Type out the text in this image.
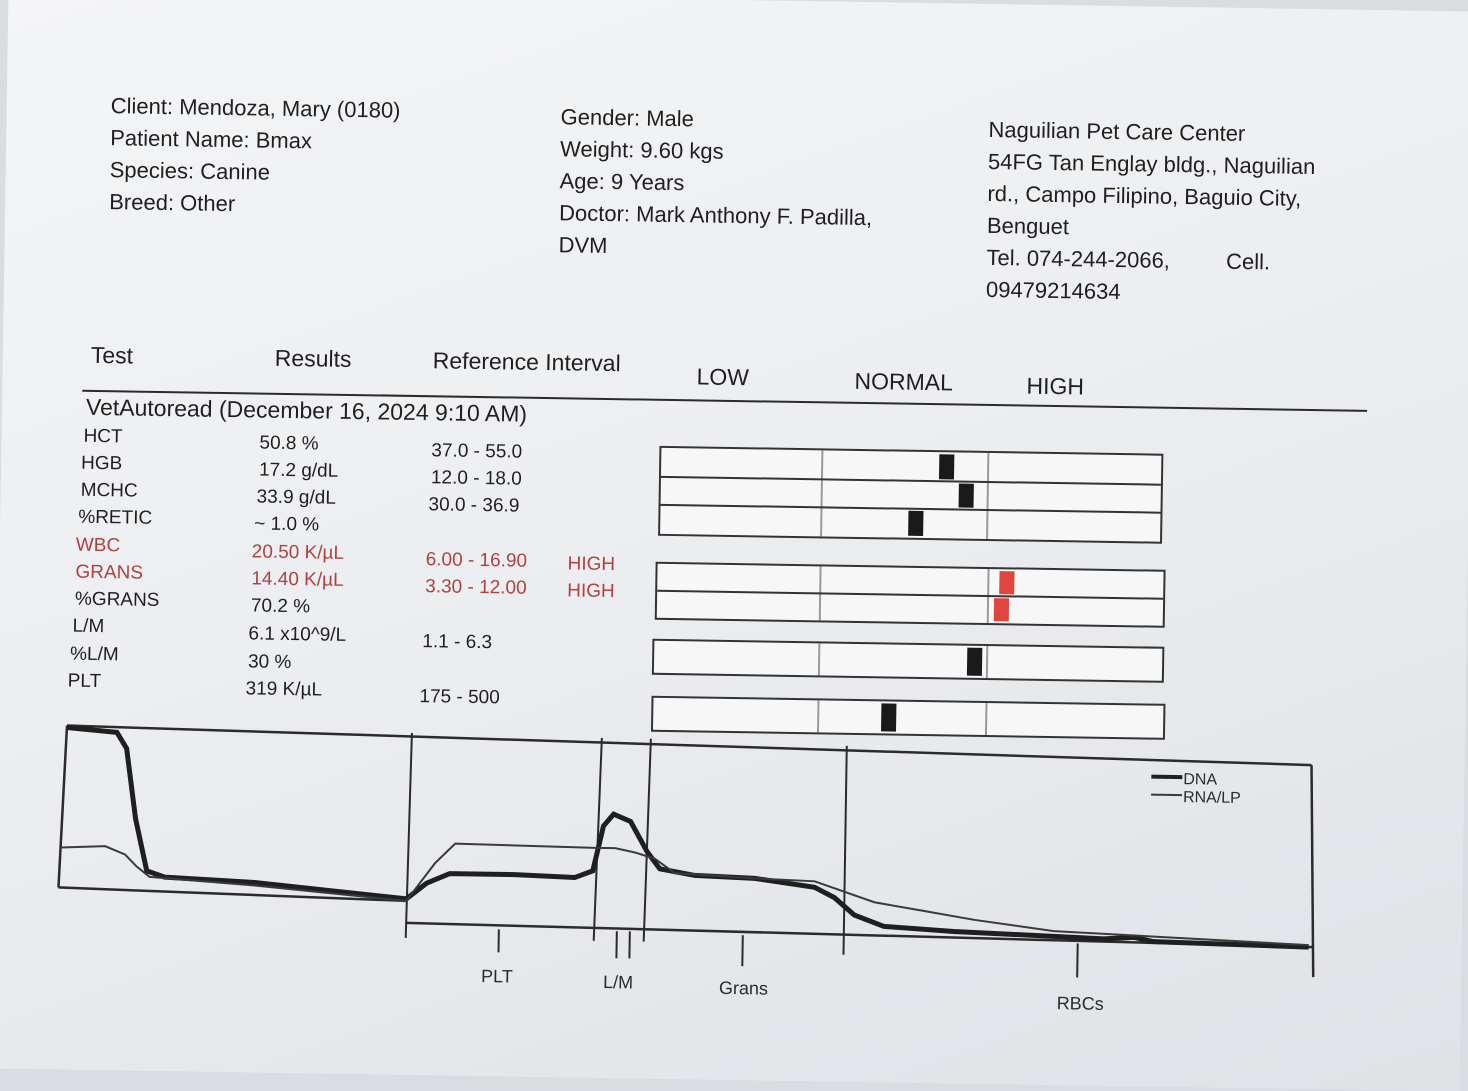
Client: Mendoza, Mary (0180)
Patient Name: Bmax
Species: Canine
Breed: Other
Gender: Male
Weight: 9.60 kgs
Age: 9 Years
Doctor: Mark Anthony F. Padilla,
DVM
Naguilian Pet Care Center
54FG Tan Englay bldg., Naguilian
rd., Campo Filipino, Baguio City,
Benguet
Tel. 074-244-2066,	Cell.
09479214634
Test	Results	Reference Interval
LOW	NORMAL	HIGH
VetAutoread (December 16, 2024 9:10 AM)
HCT	50.8 %	37.0 - 55.0
HGB	17.2 g/dL	12.0 - 18.0
MCHC	33.9 g/dL	30.0 - 36.9
%RETIC	~ 1.0 %
WBC	20.50 K/µL	6.00 - 16.90 HIGH
GRANS	14.40 K/µL	3.30 - 12.00 HIGH
%GRANS	70.2 %
L/M	6.1 x10^9/L	1.1 - 6.3
%L/M	30 %
PLT	319 K/µL	175 - 500
DNA
RNA/LP
PLT	L/M	Grans
RBCs
